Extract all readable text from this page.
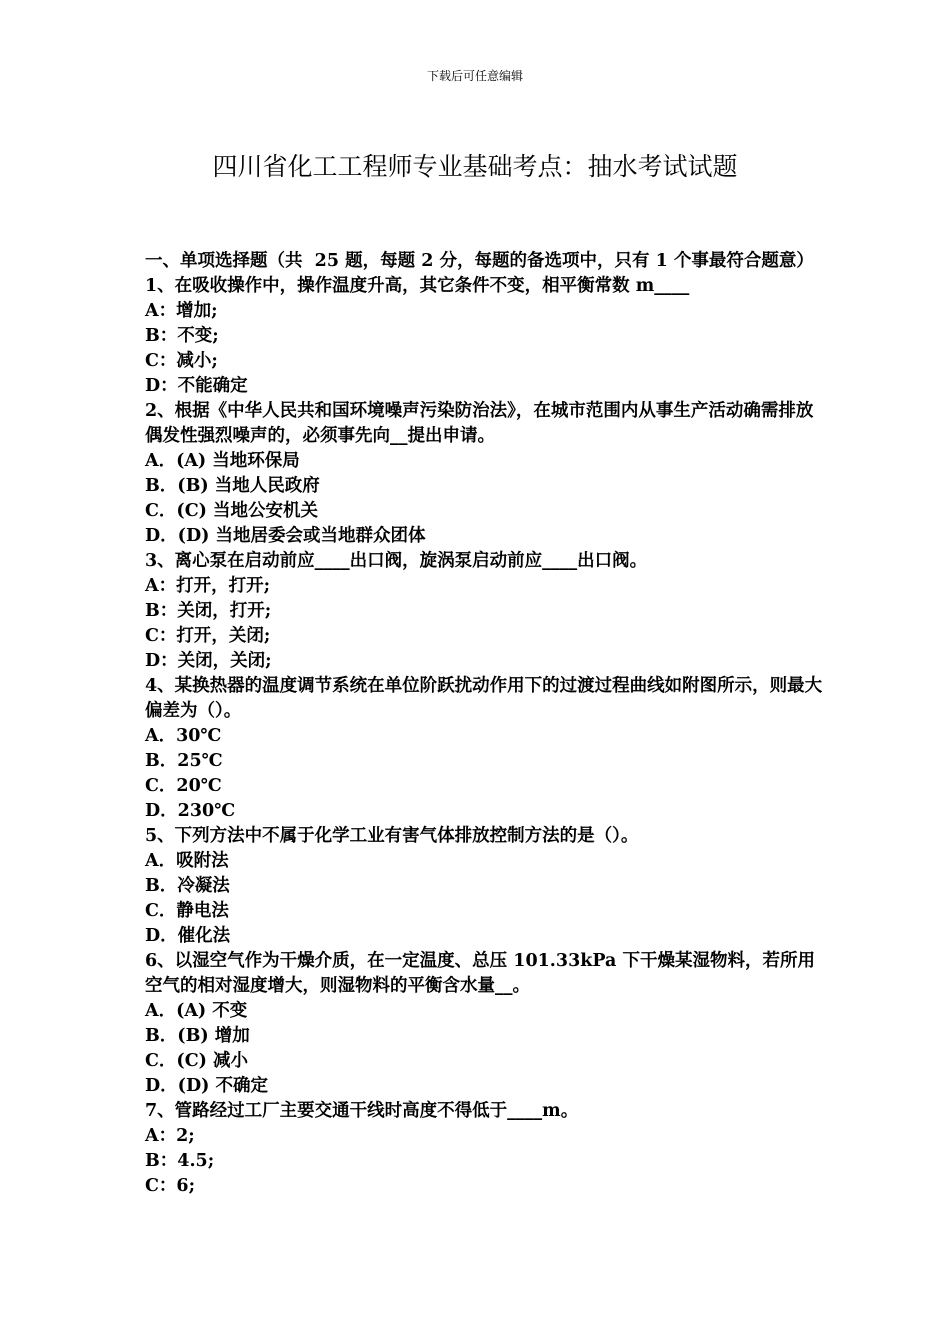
下载后可任意编辑
四川省化工工程师专业基础考点：抽水考试试题

一、单项选择题（共  25 题，每题 2 分，每题的备选项中，只有 1 个事最符合题意）

1、在吸收操作中，操作温度升高，其它条件不变，相平衡常数 m____

A：增加;

B：不变;

C：减小;

D：不能确定

2、根据《中华人民共和国环境噪声污染防治法》，在城市范围内从事生产活动确需排放偶发性强烈噪声的，必须事先向__提出申请。

A．(A) 当地环保局

B．(B) 当地人民政府

C．(C) 当地公安机关

D．(D) 当地居委会或当地群众团体

3、离心泵在启动前应____出口阀，旋涡泵启动前应____出口阀。

A：打开，打开;

B：关闭，打开;

C：打开，关闭;

D：关闭，关闭;

4、某换热器的温度调节系统在单位阶跃扰动作用下的过渡过程曲线如附图所示，则最大偏差为（）。

A．30℃

B．25℃

C．20℃

D．230℃

5、下列方法中不属于化学工业有害气体排放控制方法的是（）。

A．吸附法

B．冷凝法

C．静电法

D．催化法

6、以湿空气作为干燥介质，在一定温度、总压 101.33kPa 下干燥某湿物料，若所用空气的相对湿度增大，则湿物料的平衡含水量__。

A．(A) 不变

B．(B) 增加

C．(C) 减小

D．(D) 不确定

7、管路经过工厂主要交通干线时高度不得低于____m。

A：2;

B：4.5;

C：6;
